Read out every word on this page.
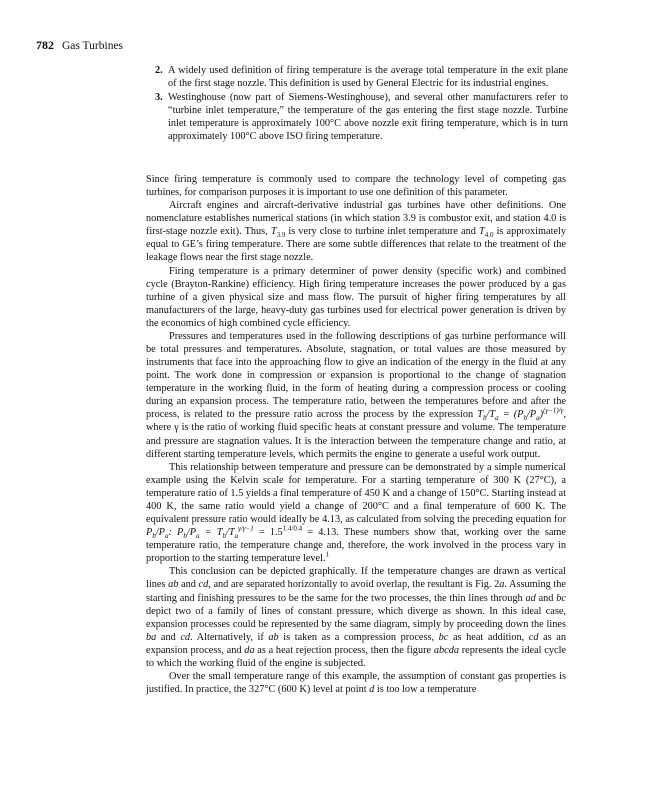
782 Gas Turbines
2. A widely used definition of firing temperature is the average total temperature in the exit plane of the first stage nozzle. This definition is used by General Electric for its industrial engines.
3. Westinghouse (now part of Siemens-Westinghouse), and several other manufacturers refer to “turbine inlet temperature,” the temperature of the gas entering the first stage nozzle. Turbine inlet temperature is approximately 100°C above nozzle exit firing temperature, which is in turn approximately 100°C above ISO firing temperature.

Since firing temperature is commonly used to compare the technology level of competing gas turbines, for comparison purposes it is important to use one definition of this parameter.

Aircraft engines and aircraft-derivative industrial gas turbines have other definitions. One nomenclature establishes numerical stations (in which station 3.9 is combustor exit, and station 4.0 is first-stage nozzle exit). Thus, $T_{3.9}$ is very close to turbine inlet temperature and $T_{4.0}$ is approximately equal to GE’s firing temperature. There are some subtle differences that relate to the treatment of the leakage flows near the first stage nozzle.

Firing temperature is a primary determiner of power density (specific work) and combined cycle (Brayton-Rankine) efficiency. High firing temperature increases the power produced by a gas turbine of a given physical size and mass flow. The pursuit of higher firing temperatures by all manufacturers of the large, heavy-duty gas turbines used for electrical power generation is driven by the economics of high combined cycle efficiency.

Pressures and temperatures used in the following descriptions of gas turbine performance will be total pressures and temperatures. Absolute, stagnation, or total values are those measured by instruments that face into the approaching flow to give an indication of the energy in the fluid at any point. The work done in compression or expansion is proportional to the change of stagnation temperature in the working fluid, in the form of heating during a compression process or cooling during an expansion process. The temperature ratio, between the temperatures before and after the process, is related to the pressure ratio across the process by the expression $T_b/T_a = (P_b/P_a)^{(\gamma-1)/\gamma}$, where γ is the ratio of working fluid specific heats at constant pressure and volume. The temperature and pressure are stagnation values. It is the interaction between the temperature change and ratio, at different starting temperature levels, which permits the engine to generate a useful work output.

This relationship between temperature and pressure can be demonstrated by a simple numerical example using the Kelvin scale for temperature. For a starting temperature of 300 K (27°C), a temperature ratio of 1.5 yields a final temperature of 450 K and a change of 150°C. Starting instead at 400 K, the same ratio would yield a change of 200°C and a final temperature of 600 K. The equivalent pressure ratio would ideally be 4.13, as calculated from solving the preceding equation for $P_b/P_a$: $P_b/P_a = T_b/T_a^{\gamma/\gamma-1} = 1.5^{1.4/0.4} = 4.13$. These numbers show that, working over the same temperature ratio, the temperature change and, therefore, the work involved in the process vary in proportion to the starting temperature level.$^1$

This conclusion can be depicted graphically. If the temperature changes are drawn as vertical lines ab and cd, and are separated horizontally to avoid overlap, the resultant is Fig. 2a. Assuming the starting and finishing pressures to be the same for the two processes, the thin lines through ad and bc depict two of a family of lines of constant pressure, which diverge as shown. In this ideal case, expansion processes could be represented by the same diagram, simply by proceeding down the lines ba and cd. Alternatively, if ab is taken as a compression process, bc as heat addition, cd as an expansion process, and da as a heat rejection process, then the figure abcda represents the ideal cycle to which the working fluid of the engine is subjected.

Over the small temperature range of this example, the assumption of constant gas properties is justified. In practice, the 327°C (600 K) level at point d is too low a temperature
